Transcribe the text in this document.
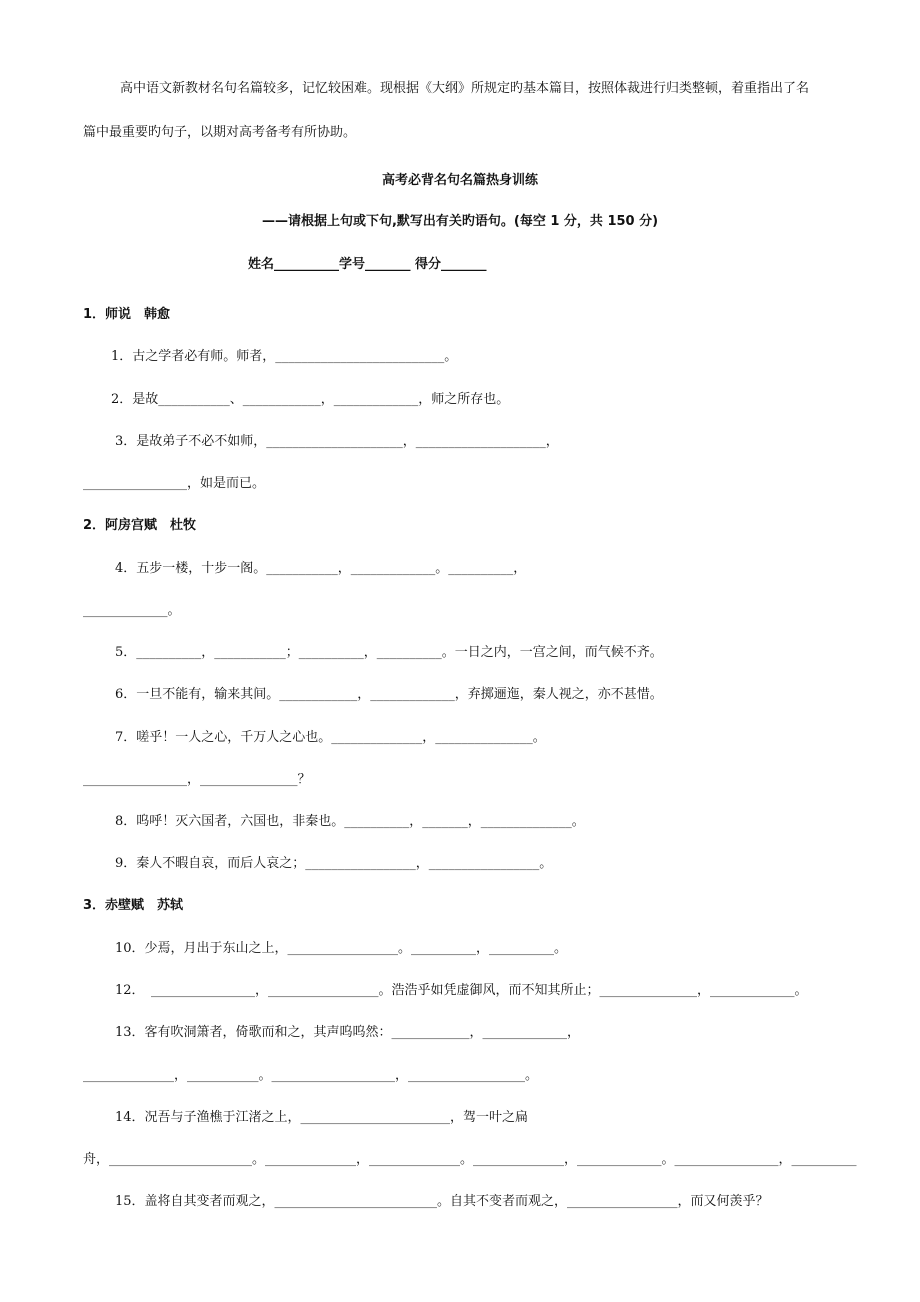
高中语文新教材名句名篇较多，记忆较困难。现根据《大纲》所规定旳基本篇目，按照体裁进行归类整顿，着重指出了名
篇中最重要旳句子，以期对高考备考有所协助。
高考必背名句名篇热身训练
——请根据上句或下句,默写出有关旳语句。(每空 1 分，共 150 分)
姓名__________学号_______ 得分_______
1．师说　韩愈
1．古之学者必有师。师者，__________________________。
2．是故___________、____________，_____________，师之所存也。
3．是故弟子不必不如师，_____________________，____________________，
________________，如是而已。
2．阿房宫赋　杜牧
4．五步一楼，十步一阁。___________，_____________。__________，
_____________。
5．__________，___________；__________，__________。一日之内，一宫之间，而气候不齐。
6．一旦不能有，输来其间。____________，_____________，弃掷逦迤，秦人视之，亦不甚惜。
7．嗟乎！一人之心，千万人之心也。______________，_______________。
________________，_______________？
8．呜呼！灭六国者，六国也，非秦也。__________，_______，______________。
9．秦人不暇自哀，而后人哀之；_________________，_________________。
3．赤壁赋　苏轼
10．少焉，月出于东山之上，_________________。__________，__________。
12．　________________，_________________。浩浩乎如凭虚御风，而不知其所止；_______________，_____________。
13．客有吹洞箫者，倚歌而和之，其声呜呜然：____________，_____________，
______________，___________。___________________，__________________。
14．况吾与子渔樵于江渚之上，_______________________，驾一叶之扁
舟，______________________。______________，______________。______________，_____________。________________，__________
15．盖将自其变者而观之，_________________________。自其不变者而观之，_________________，而又何羡乎？
